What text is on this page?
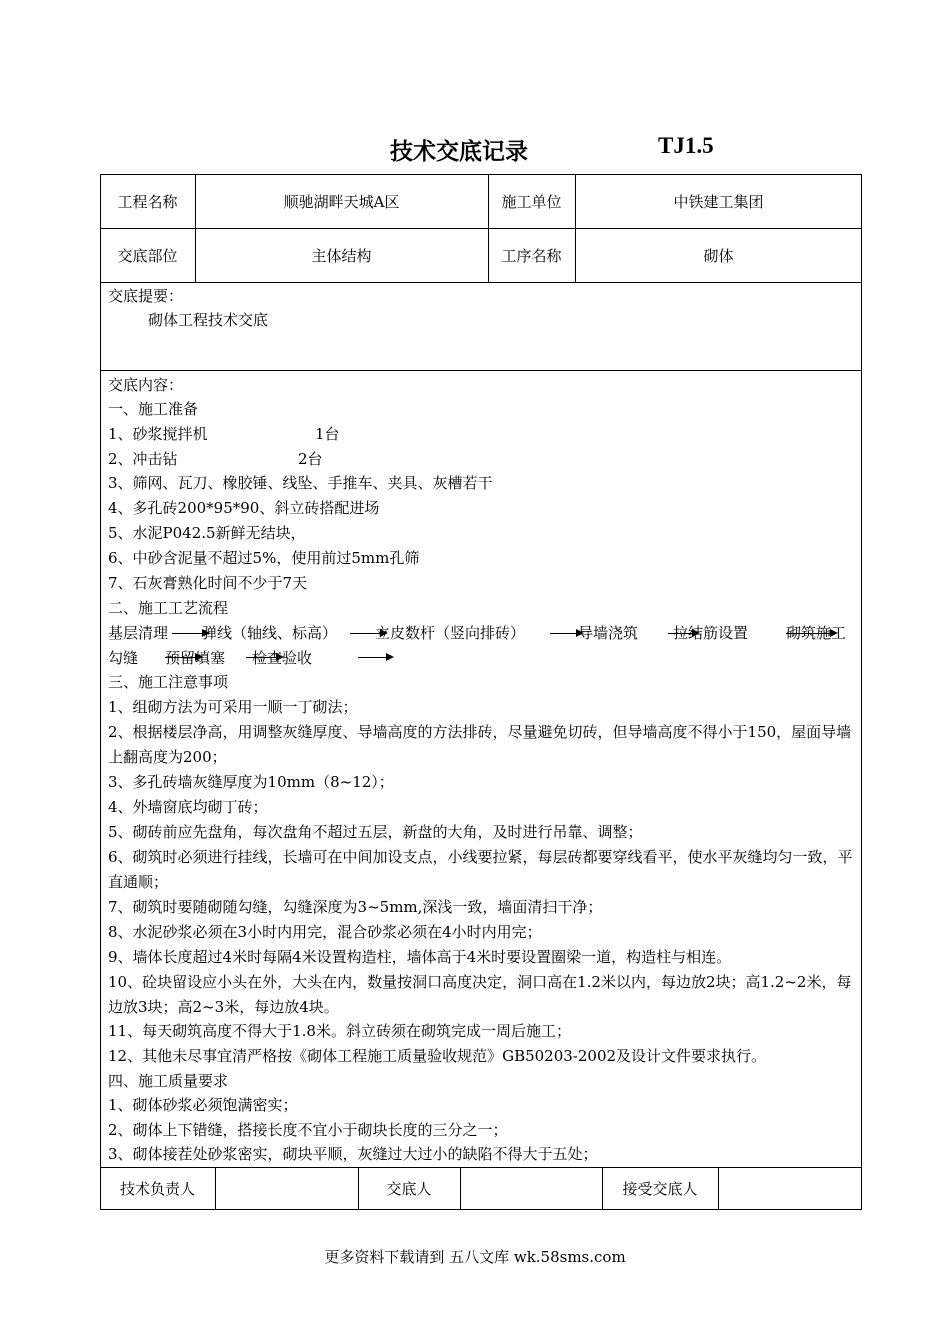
技术交底记录	TJ1.5
工程名称	顺驰湖畔天城A区	施工单位	中铁建工集团
交底部位	主体结构	工序名称	砌体
交底提要：
砌体工程技术交底
交底内容：
一、施工准备
1、砂浆搅拌机	1台
2、冲击钻	2台
3、筛网、瓦刀、橡胶锤、线坠、手推车、夹具、灰槽若干
4、多孔砖200*95*90、斜立砖搭配进场
5、水泥P042.5新鲜无结块，
6、中砂含泥量不超过5%，使用前过5mm孔筛
7、石灰膏熟化时间不少于7天
二、施工工艺流程
基层清理 弹线（轴线、标高）	立皮数杆（竖向排砖）	导墙浇筑 拉结筋设置	砌筑施工
勾缝 预留填塞 检查验收
三、施工注意事项
1、组砌方法为可采用一顺一丁砌法；
2、根据楼层净高，用调整灰缝厚度、导墙高度的方法排砖，尽量避免切砖，但导墙高度不得小于150，屋面导墙上翻高度为200；
3、多孔砖墙灰缝厚度为10mm（8~12）；
4、外墙窗底均砌丁砖；
5、砌砖前应先盘角，每次盘角不超过五层，新盘的大角，及时进行吊靠、调整；
6、砌筑时必须进行挂线，长墙可在中间加设支点，小线要拉紧，每层砖都要穿线看平，使水平灰缝均匀一致，平直通顺；
7、砌筑时要随砌随勾缝，勾缝深度为3~5mm,深浅一致，墙面清扫干净；
8、水泥砂浆必须在3小时内用完，混合砂浆必须在4小时内用完；
9、墙体长度超过4米时每隔4米设置构造柱，墙体高于4米时要设置圈梁一道，构造柱与相连。
10、砼块留设应小头在外，大头在内，数量按洞口高度决定，洞口高在1.2米以内，每边放2块；高1.2~2米，每边放3块；高2~3米，每边放4块。
11、每天砌筑高度不得大于1.8米。斜立砖须在砌筑完成一周后施工；
12、其他未尽事宜清严格按《砌体工程施工质量验收规范》GB50203-2002及设计文件要求执行。
四、施工质量要求
1、砌体砂浆必须饱满密实；
2、砌体上下错缝，搭接长度不宜小于砌块长度的三分之一；
3、砌体接茬处砂浆密实，砌块平顺，灰缝过大过小的缺陷不得大于五处；
技术负责人	交底人	接受交底人
更多资料下载请到 五八文库 wk.58sms.com
